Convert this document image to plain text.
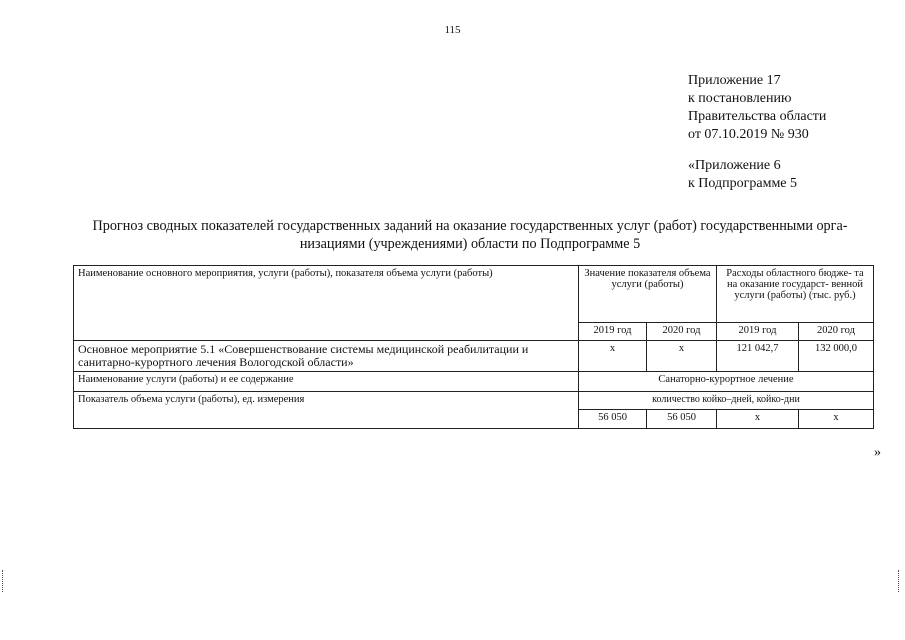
115
Приложение 17
к постановлению
Правительства области
от 07.10.2019 № 930
«Приложение 6
к Подпрограмме 5
Прогноз сводных показателей государственных заданий на оказание государственных услуг (работ) государственными орга-
низациями (учреждениями) области по Подпрограмме 5
Наименование основного мероприятия, услуги (работы), показателя объема услуги (работы)	Значение показателя объема услуги (работы)		Расходы областного бюдже- та на оказание государст- венной услуги (работы) (тыс. руб.)	
	2019 год	2020 год	2019 год	2020 год
Основное мероприятие 5.1 «Совершенствование системы медицинской реабилитации и санитарно-курортного лечения Вологодской области»	х	х	121 042,7	132 000,0
Наименование услуги (работы) и ее содержание	Санаторно-курортное лечение			
Показатель объема услуги (работы), ед. измерения	количество койко–дней, койко-дни			
	56 050	56 050	х	х
»
